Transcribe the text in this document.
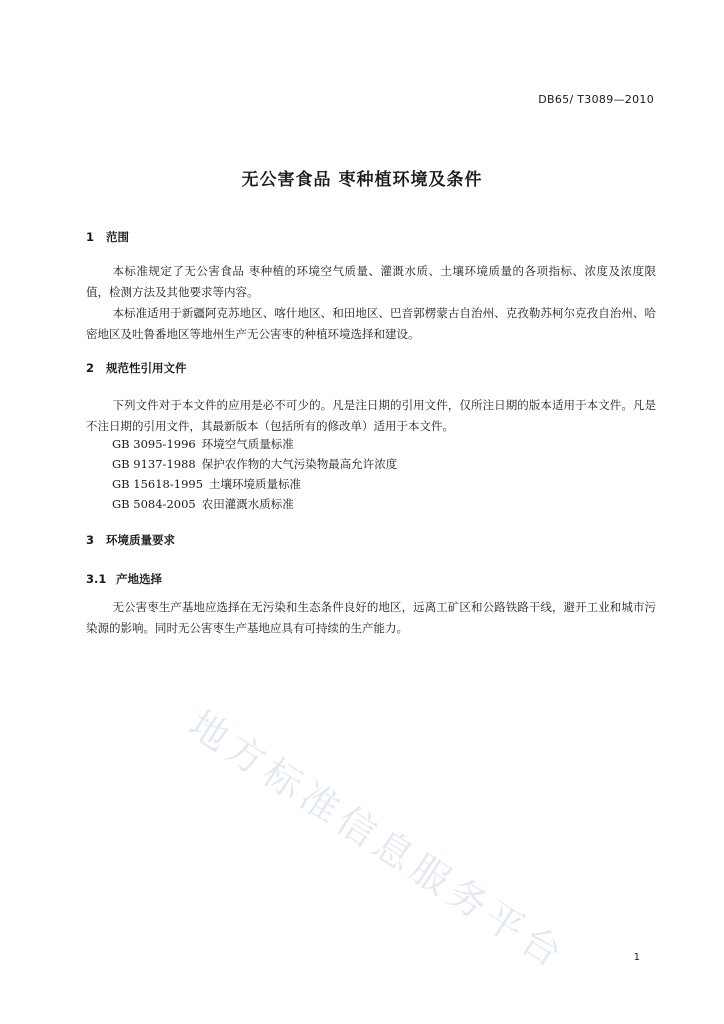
DB65/ T3089—2010
无公害食品 枣种植环境及条件
1 范围

本标准规定了无公害食品 枣种植的环境空气质量、灌溉水质、土壤环境质量的各项指标、浓度及浓度限值，检测方法及其他要求等内容。

本标准适用于新疆阿克苏地区、喀什地区、和田地区、巴音郭楞蒙古自治州、克孜勒苏柯尔克孜自治州、哈密地区及吐鲁番地区等地州生产无公害枣的种植环境选择和建设。

2 规范性引用文件

下列文件对于本文件的应用是必不可少的。凡是注日期的引用文件，仅所注日期的版本适用于本文件。凡是不注日期的引用文件，其最新版本（包括所有的修改单）适用于本文件。

GB 3095-1996 环境空气质量标准
GB 9137-1988 保护农作物的大气污染物最高允许浓度
GB 15618-1995 土壤环境质量标准
GB 5084-2005 农田灌溉水质标准
3 环境质量要求
3.1 产地选择

无公害枣生产基地应选择在无污染和生态条件良好的地区，远离工矿区和公路铁路干线，避开工业和城市污染源的影响。同时无公害枣生产基地应具有可持续的生产能力。

地方标准信息服务平台	1
